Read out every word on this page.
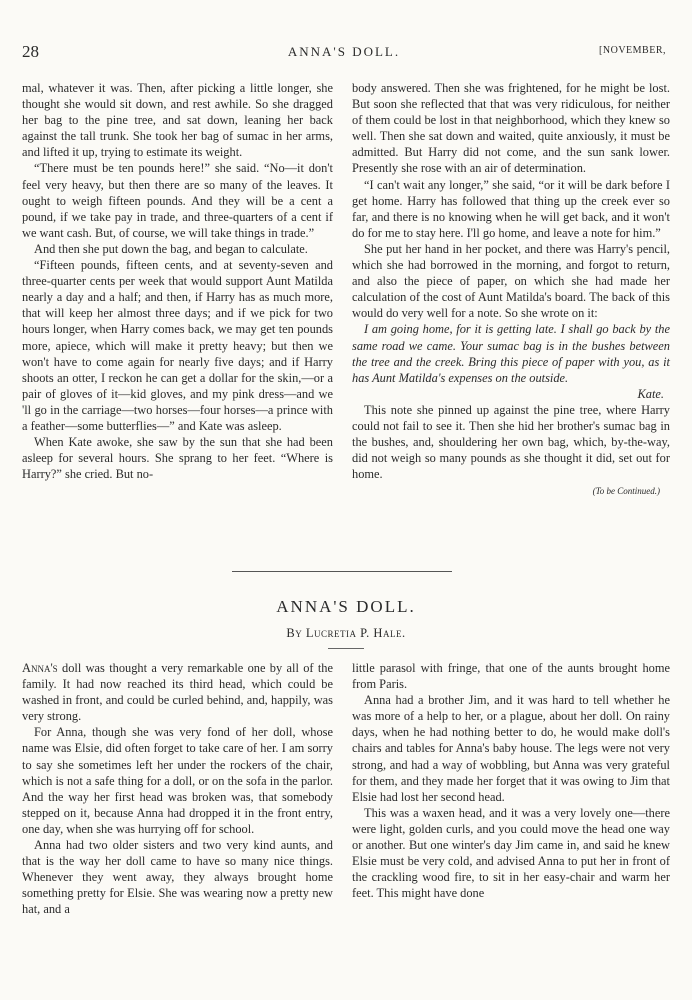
28	ANNA'S DOLL.	[NOVEMBER,

mal, whatever it was. Then, after picking a little longer, she thought she would sit down, and rest awhile. So she dragged her bag to the pine tree, and sat down, leaning her back against the tall trunk. She took her bag of sumac in her arms, and lifted it up, trying to estimate its weight.

“There must be ten pounds here!” she said. “No—it don't feel very heavy, but then there are so many of the leaves. It ought to weigh fifteen pounds. And they will be a cent a pound, if we take pay in trade, and three-quarters of a cent if we want cash. But, of course, we will take things in trade.”

And then she put down the bag, and began to calculate.

“Fifteen pounds, fifteen cents, and at seventy-seven and three-quarter cents per week that would support Aunt Matilda nearly a day and a half; and then, if Harry has as much more, that will keep her almost three days; and if we pick for two hours longer, when Harry comes back, we may get ten pounds more, apiece, which will make it pretty heavy; but then we won't have to come again for nearly five days; and if Harry shoots an otter, I reckon he can get a dollar for the skin,—or a pair of gloves of it—kid gloves, and my pink dress—and we 'll go in the carriage—two horses—four horses—a prince with a feather—some butterflies—” and Kate was asleep.

When Kate awoke, she saw by the sun that she had been asleep for several hours. She sprang to her feet. “Where is Harry?” she cried. But no-

body answered. Then she was frightened, for he might be lost. But soon she reflected that that was very ridiculous, for neither of them could be lost in that neighborhood, which they knew so well. Then she sat down and waited, quite anxiously, it must be admitted. But Harry did not come, and the sun sank lower. Presently she rose with an air of determination.

“I can't wait any longer,” she said, “or it will be dark before I get home. Harry has followed that thing up the creek ever so far, and there is no knowing when he will get back, and it won't do for me to stay here. I'll go home, and leave a note for him.”

She put her hand in her pocket, and there was Harry's pencil, which she had borrowed in the morning, and forgot to return, and also the piece of paper, on which she had made her calculation of the cost of Aunt Matilda's board. The back of this would do very well for a note. So she wrote on it:

I am going home, for it is getting late. I shall go back by the same road we came. Your sumac bag is in the bushes between the tree and the creek. Bring this piece of paper with you, as it has Aunt Matilda's expenses on the outside.

Kate.

This note she pinned up against the pine tree, where Harry could not fail to see it. Then she hid her brother's sumac bag in the bushes, and, shouldering her own bag, which, by-the-way, did not weigh so many pounds as she thought it did, set out for home.

(To be Continued.)

ANNA'S DOLL.
By Lucretia P. Hale.

Anna's doll was thought a very remarkable one by all of the family. It had now reached its third head, which could be washed in front, and could be curled behind, and, happily, was very strong.

For Anna, though she was very fond of her doll, whose name was Elsie, did often forget to take care of her. I am sorry to say she sometimes left her under the rockers of the chair, which is not a safe thing for a doll, or on the sofa in the parlor. And the way her first head was broken was, that somebody stepped on it, because Anna had dropped it in the front entry, one day, when she was hurrying off for school.

Anna had two older sisters and two very kind aunts, and that is the way her doll came to have so many nice things. Whenever they went away, they always brought home something pretty for Elsie. She was wearing now a pretty new hat, and a

little parasol with fringe, that one of the aunts brought home from Paris.

Anna had a brother Jim, and it was hard to tell whether he was more of a help to her, or a plague, about her doll. On rainy days, when he had nothing better to do, he would make doll's chairs and tables for Anna's baby house. The legs were not very strong, and had a way of wobbling, but Anna was very grateful for them, and they made her forget that it was owing to Jim that Elsie had lost her second head.

This was a waxen head, and it was a very lovely one—there were light, golden curls, and you could move the head one way or another. But one winter's day Jim came in, and said he knew Elsie must be very cold, and advised Anna to put her in front of the crackling wood fire, to sit in her easy-chair and warm her feet. This might have done
